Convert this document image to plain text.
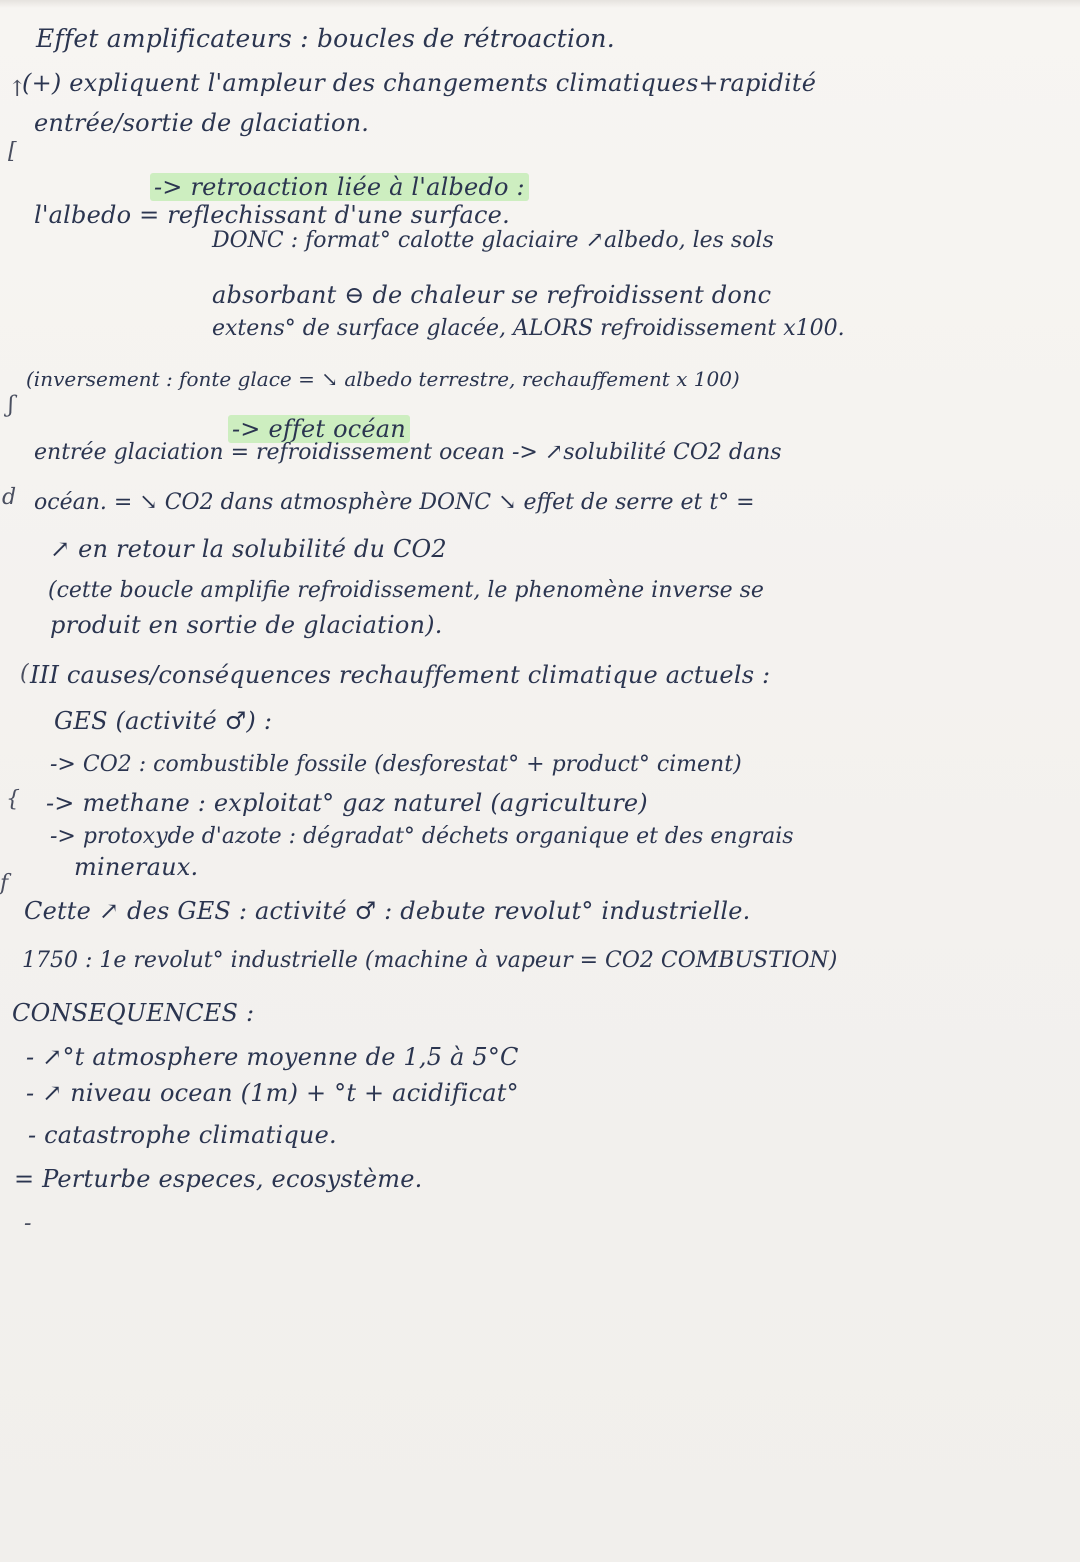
↑
[
ʃ
d
(
{
f
-
Effet amplificateurs : boucles de rétroaction.
(+) expliquent l'ampleur des changements climatiques+rapidité
entrée/sortie de glaciation.
-> retroaction liée à l'albedo :
l'albedo = reflechissant d'une surface.
DONC : format° calotte glaciaire ↗albedo, les sols
absorbant ⊖ de chaleur se refroidissent donc
extens° de surface glacée, ALORS refroidissement x100.
(inversement : fonte glace = ↘ albedo terrestre, rechauffement x 100)
-> effet océan
entrée glaciation = refroidissement ocean -> ↗solubilité CO2 dans
océan. = ↘ CO2 dans atmosphère DONC ↘ effet de serre et t° =
↗ en retour la solubilité du CO2
(cette boucle amplifie refroidissement, le phenomène inverse se
produit en sortie de glaciation).
III causes/conséquences rechauffement climatique actuels :
GES (activité ♂) :
-> CO2 : combustible fossile (desforestat° + product° ciment)
-> methane : exploitat° gaz naturel (agriculture)
-> protoxyde d'azote : dégradat° déchets organique et des engrais
mineraux.
Cette ↗ des GES : activité ♂ : debute revolut° industrielle.
1750 : 1e revolut° industrielle (machine à vapeur = CO2 COMBUSTION)
CONSEQUENCES :
- ↗°t atmosphere moyenne de 1,5 à 5°C
- ↗ niveau ocean (1m) + °t + acidificat°
- catastrophe climatique.
= Perturbe especes, ecosystème.
